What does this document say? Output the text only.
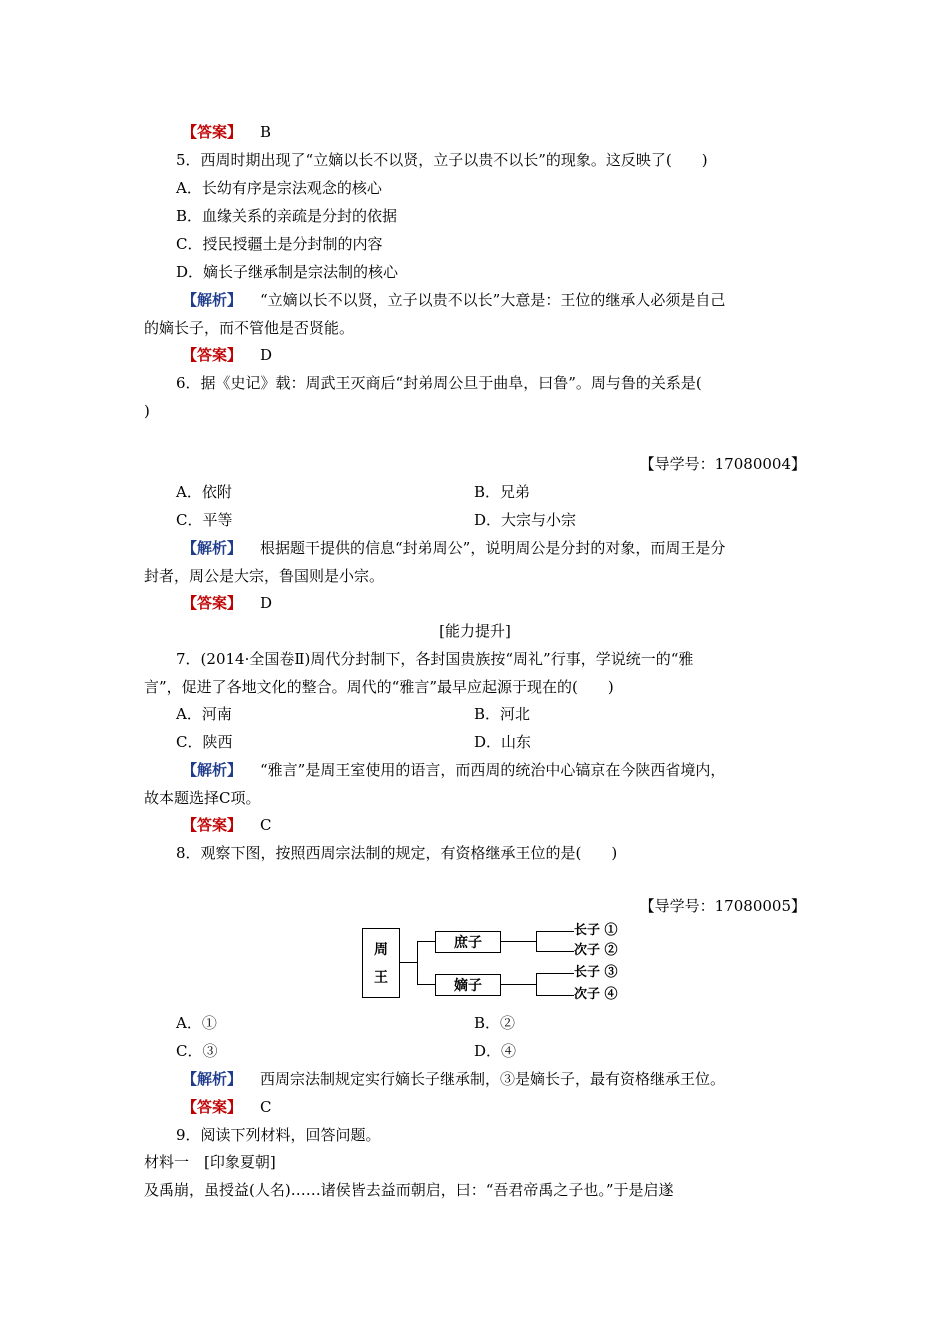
【答案】 B
5．西周时期出现了“立嫡以长不以贤，立子以贵不以长”的现象。这反映了(　　)
A．长幼有序是宗法观念的核心
B．血缘关系的亲疏是分封的依据
C．授民授疆土是分封制的内容
D．嫡长子继承制是宗法制的核心
【解析】 “立嫡以长不以贤，立子以贵不以长”大意是：王位的继承人必须是自己
的嫡长子，而不管他是否贤能。
【答案】 D
6．据《史记》载：周武王灭商后“封弟周公旦于曲阜，曰鲁”。周与鲁的关系是(
)
【导学号：17080004】
A．依附	B．兄弟
C．平等	D．大宗与小宗
【解析】 根据题干提供的信息“封弟周公”，说明周公是分封的对象，而周王是分
封者，周公是大宗，鲁国则是小宗。
【答案】 D
[能力提升]
7．(2014·全国卷Ⅱ)周代分封制下，各封国贵族按“周礼”行事，学说统一的“雅
言”，促进了各地文化的整合。周代的“雅言”最早应起源于现在的(　　)
A．河南	B．河北
C．陕西	D．山东
【解析】 “雅言”是周王室使用的语言，而西周的统治中心镐京在今陕西省境内，
故本题选择C项。
【答案】 C
8．观察下图，按照西周宗法制的规定，有资格继承王位的是(　　)
【导学号：17080005】
周
王
庶子
嫡子
长子 ①
次子 ②
长子 ③
次子 ④
A．①	B．②
C．③	D．④
【解析】 西周宗法制规定实行嫡长子继承制，③是嫡长子，最有资格继承王位。
【答案】 C
9．阅读下列材料，回答问题。
材料一　[印象夏朝]
及禹崩，虽授益(人名)……诸侯皆去益而朝启，曰：“吾君帝禹之子也。”于是启遂
